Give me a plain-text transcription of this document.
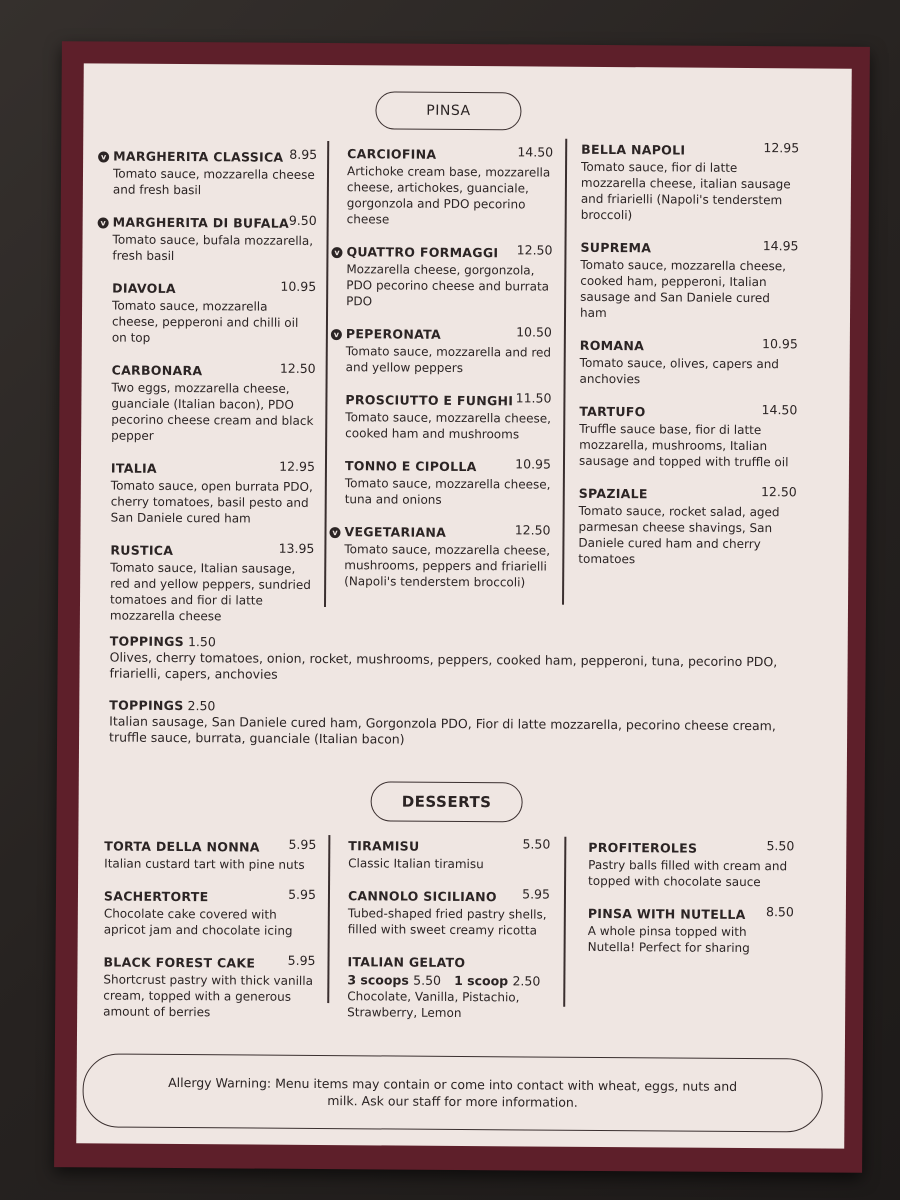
PINSA
v MARGHERITA CLASSICA 8.95
Tomato sauce, mozzarella cheese and fresh basil
v MARGHERITA DI BUFALA 9.50
Tomato sauce, bufala mozzarella, fresh basil
DIAVOLA	10.95
Tomato sauce, mozzarella cheese, pepperoni and chilli oil on top
CARBONARA	12.50
Two eggs, mozzarella cheese, guanciale (Italian bacon), PDO pecorino cheese cream and black pepper
ITALIA	12.95
Tomato sauce, open burrata PDO, cherry tomatoes, basil pesto and San Daniele cured ham
RUSTICA	13.95
Tomato sauce, Italian sausage, red and yellow peppers, sundried tomatoes and fior di latte mozzarella cheese
CARCIOFINA	14.50
Artichoke cream base, mozzarella cheese, artichokes, guanciale, gorgonzola and PDO pecorino cheese
v QUATTRO FORMAGGI 12.50
Mozzarella cheese, gorgonzola, PDO pecorino cheese and burrata PDO
v PEPERONATA	10.50
Tomato sauce, mozzarella and red and yellow peppers
PROSCIUTTO E FUNGHI 11.50
Tomato sauce, mozzarella cheese, cooked ham and mushrooms
TONNO E CIPOLLA	10.95
Tomato sauce, mozzarella cheese, tuna and onions
v VEGETARIANA	12.50
Tomato sauce, mozzarella cheese, mushrooms, peppers and friarielli (Napoli's tenderstem broccoli)
BELLA NAPOLI	12.95
Tomato sauce, fior di latte mozzarella cheese, italian sausage and friarielli (Napoli's tenderstem broccoli)
SUPREMA	14.95
Tomato sauce, mozzarella cheese, cooked ham, pepperoni, Italian sausage and San Daniele cured ham
ROMANA	10.95
Tomato sauce, olives, capers and anchovies
TARTUFO	14.50
Truffle sauce base, fior di latte mozzarella, mushrooms, Italian sausage and topped with truffle oil
SPAZIALE	12.50
Tomato sauce, rocket salad, aged parmesan cheese shavings, San Daniele cured ham and cherry tomatoes
TOPPINGS 1.50
Olives, cherry tomatoes, onion, rocket, mushrooms, peppers, cooked ham, pepperoni, tuna, pecorino PDO, friarielli, capers, anchovies
TOPPINGS 2.50
Italian sausage, San Daniele cured ham, Gorgonzola PDO, Fior di latte mozzarella, pecorino cheese cream, truffle sauce, burrata, guanciale (Italian bacon)
DESSERTS
TORTA DELLA NONNA 5.95
Italian custard tart with pine nuts
SACHERTORTE	5.95
Chocolate cake covered with apricot jam and chocolate icing
BLACK FOREST CAKE	5.95
Shortcrust pastry with thick vanilla cream, topped with a generous amount of berries
TIRAMISU	5.50
Classic Italian tiramisu
CANNOLO SICILIANO 5.95
Tubed-shaped fried pastry shells, filled with sweet creamy ricotta
ITALIAN GELATO
3 scoops 5.50 1 scoop 2.50
Chocolate, Vanilla, Pistachio, Strawberry, Lemon
PROFITEROLES	5.50
Pastry balls filled with cream and topped with chocolate sauce
PINSA WITH NUTELLA 8.50
A whole pinsa topped with Nutella! Perfect for sharing
Allergy Warning: Menu items may contain or come into contact with wheat, eggs, nuts and milk. Ask our staff for more information.
